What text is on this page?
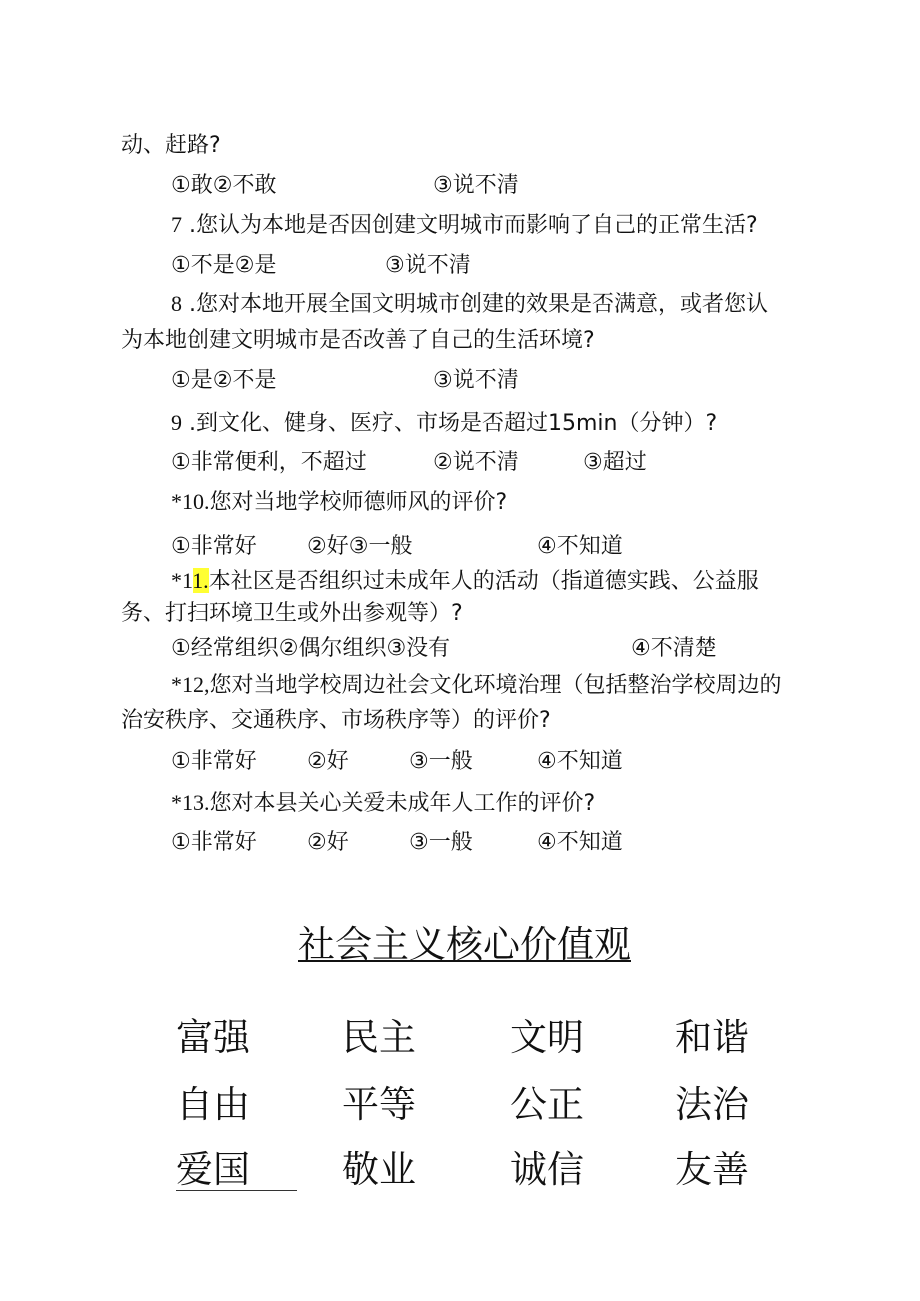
动、赶路?
①敢②不敢	③说不清
7 .您认为本地是否因创建文明城市而影响了自己的正常生活?
①不是②是	③说不清
8 .您对本地开展全国文明城市创建的效果是否满意，或者您认
为本地创建文明城市是否改善了自己的生活环境?
①是②不是	③说不清
9 .到文化、健身、医疗、市场是否超过15min（分钟）?
①非常便利，不超过	②说不清	③超过
*10.您对当地学校师德师风的评价?
①非常好 ②好③一般	④不知道
*11.本社区是否组织过未成年人的活动（指道德实践、公益服
务、打扫环境卫生或外出参观等）?
①经常组织②偶尔组织③没有	④不清楚
*12,您对当地学校周边社会文化环境治理（包括整治学校周边的
治安秩序、交通秩序、市场秩序等）的评价?
①非常好 ②好	③一般	④不知道
*13.您对本县关心关爱未成年人工作的评价?
①非常好 ②好	③一般	④不知道
社会主义核心价值观
富强 民主	文明 和谐
自由 平等	公正 法治
爱国 敬业	诚信 友善
